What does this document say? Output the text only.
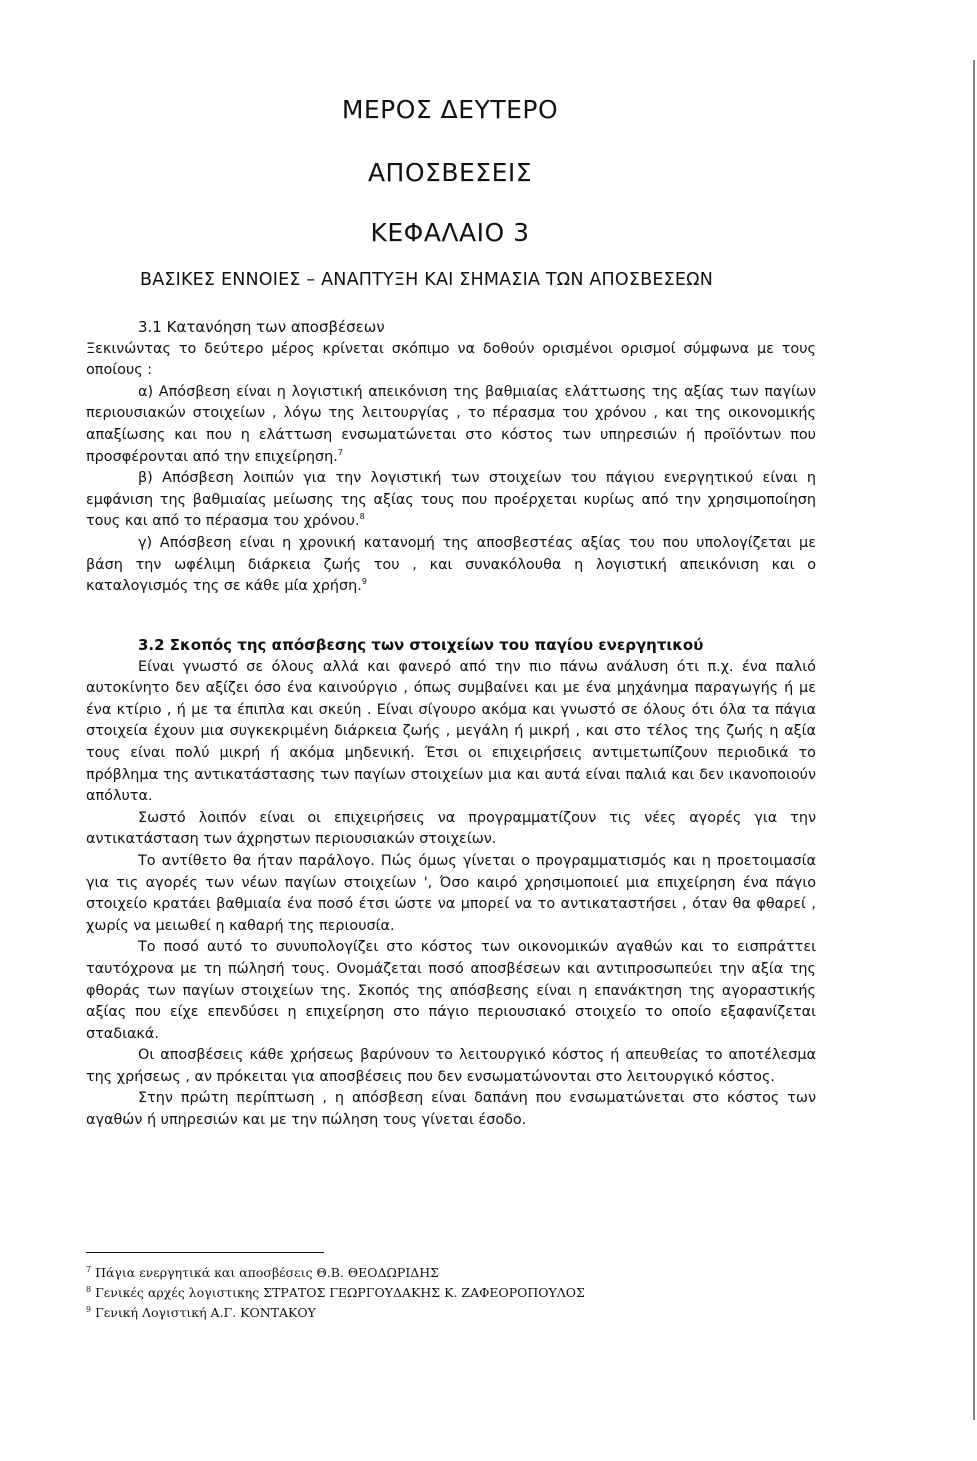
ΜΕΡΟΣ ΔΕΥΤΕΡΟ
ΑΠΟΣΒΕΣΕΙΣ
ΚΕΦΑΛΑΙΟ 3
ΒΑΣΙΚΕΣ ΕΝΝΟΙΕΣ – ΑΝΑΠΤΥΞΗ ΚΑΙ ΣΗΜΑΣΙΑ ΤΩΝ ΑΠΟΣΒΕΣΕΩΝ

3.1 Κατανόηση των αποσβέσεων

Ξεκινώντας το δεύτερο μέρος κρίνεται σκόπιμο να δοθούν ορισμένοι ορισμοί σύμφωνα με τους οποίους :

α) Απόσβεση είναι η λογιστική απεικόνιση της βαθμιαίας ελάττωσης της αξίας των παγίων περιουσιακών στοιχείων , λόγω της λειτουργίας , το πέρασμα του χρόνου , και της οικονομικής απαξίωσης και που η ελάττωση ενσωματώνεται στο κόστος των υπηρεσιών ή προϊόντων που προσφέρονται από την επιχείρηση.$^7$

β) Απόσβεση λοιπών για την λογιστική των στοιχείων του πάγιου ενεργητικού είναι η εμφάνιση της βαθμιαίας μείωσης της αξίας τους που προέρχεται κυρίως από την χρησιμοποίηση τους και από το πέρασμα του χρόνου.$^8$

γ) Απόσβεση είναι η χρονική κατανομή της αποσβεστέας αξίας του που υπολογίζεται με βάση την ωφέλιμη διάρκεια ζωής του , και συνακόλουθα η λογιστική απεικόνιση και ο καταλογισμός της σε κάθε μία χρήση.$^9$

3.2 Σκοπός της απόσβεσης των στοιχείων του παγίου ενεργητικού

Είναι γνωστό σε όλους αλλά και φανερό από την πιο πάνω ανάλυση ότι π.χ. ένα παλιό αυτοκίνητο δεν αξίζει όσο ένα καινούργιο , όπως συμβαίνει και με ένα μηχάνημα παραγωγής ή με ένα κτίριο , ή με τα έπιπλα και σκεύη . Είναι σίγουρο ακόμα και γνωστό σε όλους ότι όλα τα πάγια στοιχεία έχουν μια συγκεκριμένη διάρκεια ζωής , μεγάλη ή μικρή , και στο τέλος της ζωής η αξία τους είναι πολύ μικρή ή ακόμα μηδενική. Έτσι οι επιχειρήσεις αντιμετωπίζουν περιοδικά το πρόβλημα της αντικατάστασης των παγίων στοιχείων μια και αυτά είναι παλιά και δεν ικανοποιούν απόλυτα.

Σωστό λοιπόν είναι οι επιχειρήσεις να προγραμματίζουν τις νέες αγορές για την αντικατάσταση των άχρηστων περιουσιακών στοιχείων.

Το αντίθετο θα ήταν παράλογο. Πώς όμως γίνεται ο προγραμματισμός και η προετοιμασία για τις αγορές των νέων παγίων στοιχείων ', Όσο καιρό χρησιμοποιεί μια επιχείρηση ένα πάγιο στοιχείο κρατάει βαθμιαία ένα ποσό έτσι ώστε να μπορεί να το αντικαταστήσει , όταν θα φθαρεί , χωρίς να μειωθεί η καθαρή της περιουσία.

Το ποσό αυτό το συνυπολογίζει στο κόστος των οικονομικών αγαθών και το εισπράττει ταυτόχρονα με τη πώλησή τους. Ονομάζεται ποσό αποσβέσεων και αντιπροσωπεύει την αξία της φθοράς των παγίων στοιχείων της. Σκοπός της απόσβεσης είναι η επανάκτηση της αγοραστικής αξίας που είχε επενδύσει η επιχείρηση στο πάγιο περιουσιακό στοιχείο το οποίο εξαφανίζεται σταδιακά.

Οι αποσβέσεις κάθε χρήσεως βαρύνουν το λειτουργικό κόστος ή απευθείας το αποτέλεσμα της χρήσεως , αν πρόκειται για αποσβέσεις που δεν ενσωματώνονται στο λειτουργικό κόστος.

Στην πρώτη περίπτωση , η απόσβεση είναι δαπάνη που ενσωματώνεται στο κόστος των αγαθών ή υπηρεσιών και με την πώληση τους γίνεται έσοδο.

$^7$ Πάγια ενεργητικά και αποσβέσεις Θ.Β. ΘΕΟΔΩΡΙΔΗΣ
$^8$ Γενικές αρχές λογιστικης ΣΤΡΑΤΟΣ ΓΕΩΡΓΟΥΔΑΚΗΣ Κ. ΖΑΦΕΟΡΟΠΟΥΛΟΣ
$^9$ Γενική Λογιστική Α.Γ. ΚΟΝΤΑΚΟΥ
